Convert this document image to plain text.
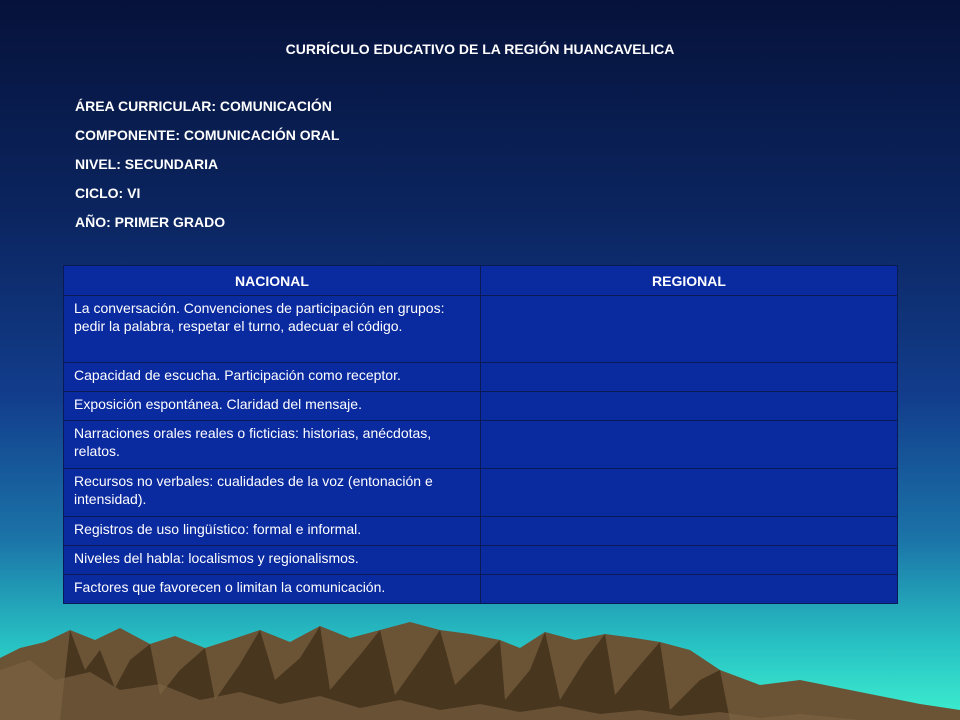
CURRÍCULO EDUCATIVO DE LA REGIÓN HUANCAVELICA
ÁREA CURRICULAR: COMUNICACIÓN
COMPONENTE: COMUNICACIÓN ORAL
NIVEL: SECUNDARIA
CICLO: VI
AÑO: PRIMER GRADO
NACIONAL	REGIONAL
La conversación. Convenciones de participación en grupos: pedir la palabra, respetar el turno, adecuar el código.	
Capacidad de escucha. Participación como receptor.	
Exposición espontánea. Claridad del mensaje.	
Narraciones orales reales o ficticias: historias, anécdotas, relatos.	
Recursos no verbales: cualidades de la voz (entonación e intensidad).	
Registros de uso lingüístico: formal e informal.	
Niveles del habla: localismos y regionalismos.	
Factores que favorecen o limitan la comunicación.	
